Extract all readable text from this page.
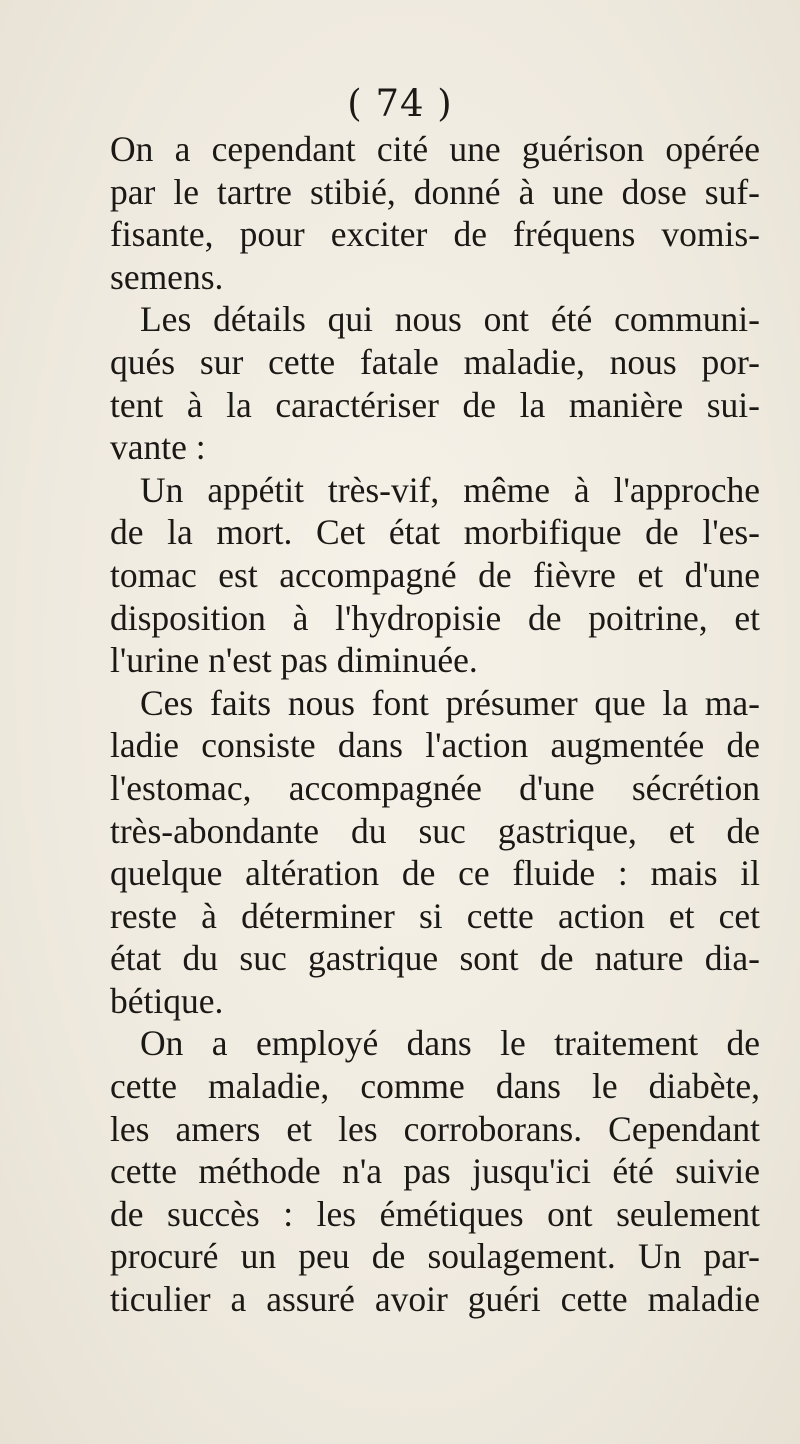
( 74 )
On a cependant cité une guérison opérée
par le tartre stibié, donné à une dose suf-
fisante, pour exciter de fréquens vomis-
semens.
Les détails qui nous ont été communi-
qués sur cette fatale maladie, nous por-
tent à la caractériser de la manière sui-
vante :
Un appétit très-vif, même à l'approche
de la mort. Cet état morbifique de l'es-
tomac est accompagné de fièvre et d'une
disposition à l'hydropisie de poitrine, et
l'urine n'est pas diminuée.
Ces faits nous font présumer que la ma-
ladie consiste dans l'action augmentée de
l'estomac, accompagnée d'une sécrétion
très-abondante du suc gastrique, et de
quelque altération de ce fluide : mais il
reste à déterminer si cette action et cet
état du suc gastrique sont de nature dia-
bétique.
On a employé dans le traitement de
cette maladie, comme dans le diabète,
les amers et les corroborans. Cependant
cette méthode n'a pas jusqu'ici été suivie
de succès : les émétiques ont seulement
procuré un peu de soulagement. Un par-
ticulier a assuré avoir guéri cette maladie
